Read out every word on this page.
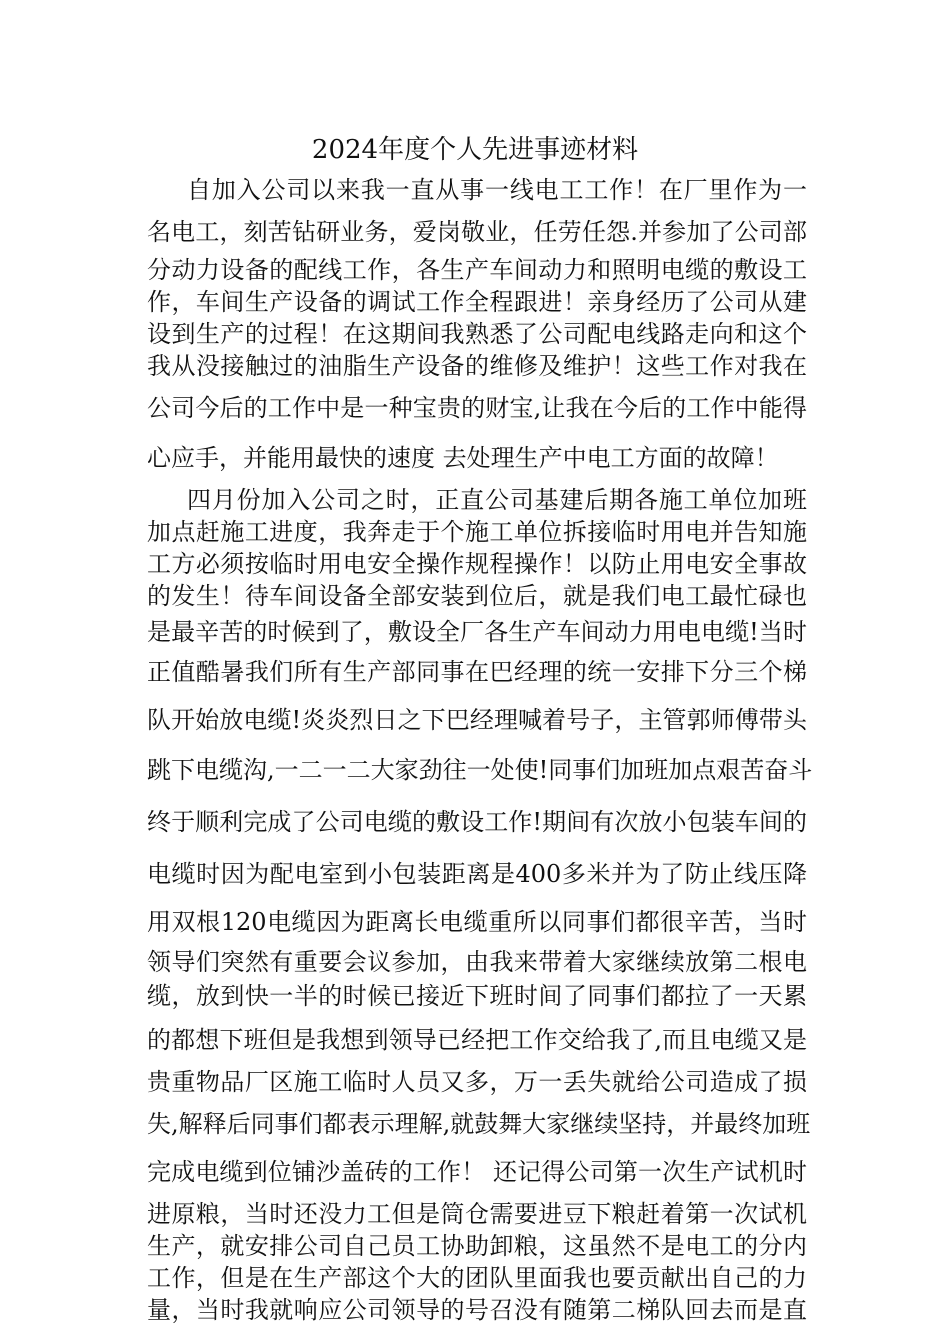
2024年度个人先进事迹材料
自加入公司以来我一直从事一线电工工作！在厂里作为一
名电工，刻苦钻研业务，爱岗敬业，任劳任怨.并参加了公司部
分动力设备的配线工作，各生产车间动力和照明电缆的敷设工
作，车间生产设备的调试工作全程跟进！亲身经历了公司从建
设到生产的过程！在这期间我熟悉了公司配电线路走向和这个
我从没接触过的油脂生产设备的维修及维护！这些工作对我在
公司今后的工作中是一种宝贵的财宝,让我在今后的工作中能得
心应手，并能用最快的速度 去处理生产中电工方面的故障！
四月份加入公司之时，正直公司基建后期各施工单位加班
加点赶施工进度，我奔走于个施工单位拆接临时用电并告知施
工方必须按临时用电安全操作规程操作！以防止用电安全事故
的发生！待车间设备全部安装到位后，就是我们电工最忙碌也
是最辛苦的时候到了，敷设全厂各生产车间动力用电电缆!当时
正值酷暑我们所有生产部同事在巴经理的统一安排下分三个梯
队开始放电缆!炎炎烈日之下巴经理喊着号子，主管郭师傅带头
跳下电缆沟,一二一二大家劲往一处使!同事们加班加点艰苦奋斗
终于顺利完成了公司电缆的敷设工作!期间有次放小包装车间的
电缆时因为配电室到小包装距离是400多米并为了防止线压降
用双根120电缆因为距离长电缆重所以同事们都很辛苦，当时
领导们突然有重要会议参加，由我来带着大家继续放第二根电
缆，放到快一半的时候已接近下班时间了同事们都拉了一天累
的都想下班但是我想到领导已经把工作交给我了,而且电缆又是
贵重物品厂区施工临时人员又多，万一丢失就给公司造成了损
失,解释后同事们都表示理解,就鼓舞大家继续坚持，并最终加班
完成电缆到位铺沙盖砖的工作！ 还记得公司第一次生产试机时
进原粮，当时还没力工但是筒仓需要进豆下粮赶着第一次试机
生产，就安排公司自己员工协助卸粮，这虽然不是电工的分内
工作，但是在生产部这个大的团队里面我也要贡献出自己的力
量，当时我就响应公司领导的号召没有随第二梯队回去而是直
